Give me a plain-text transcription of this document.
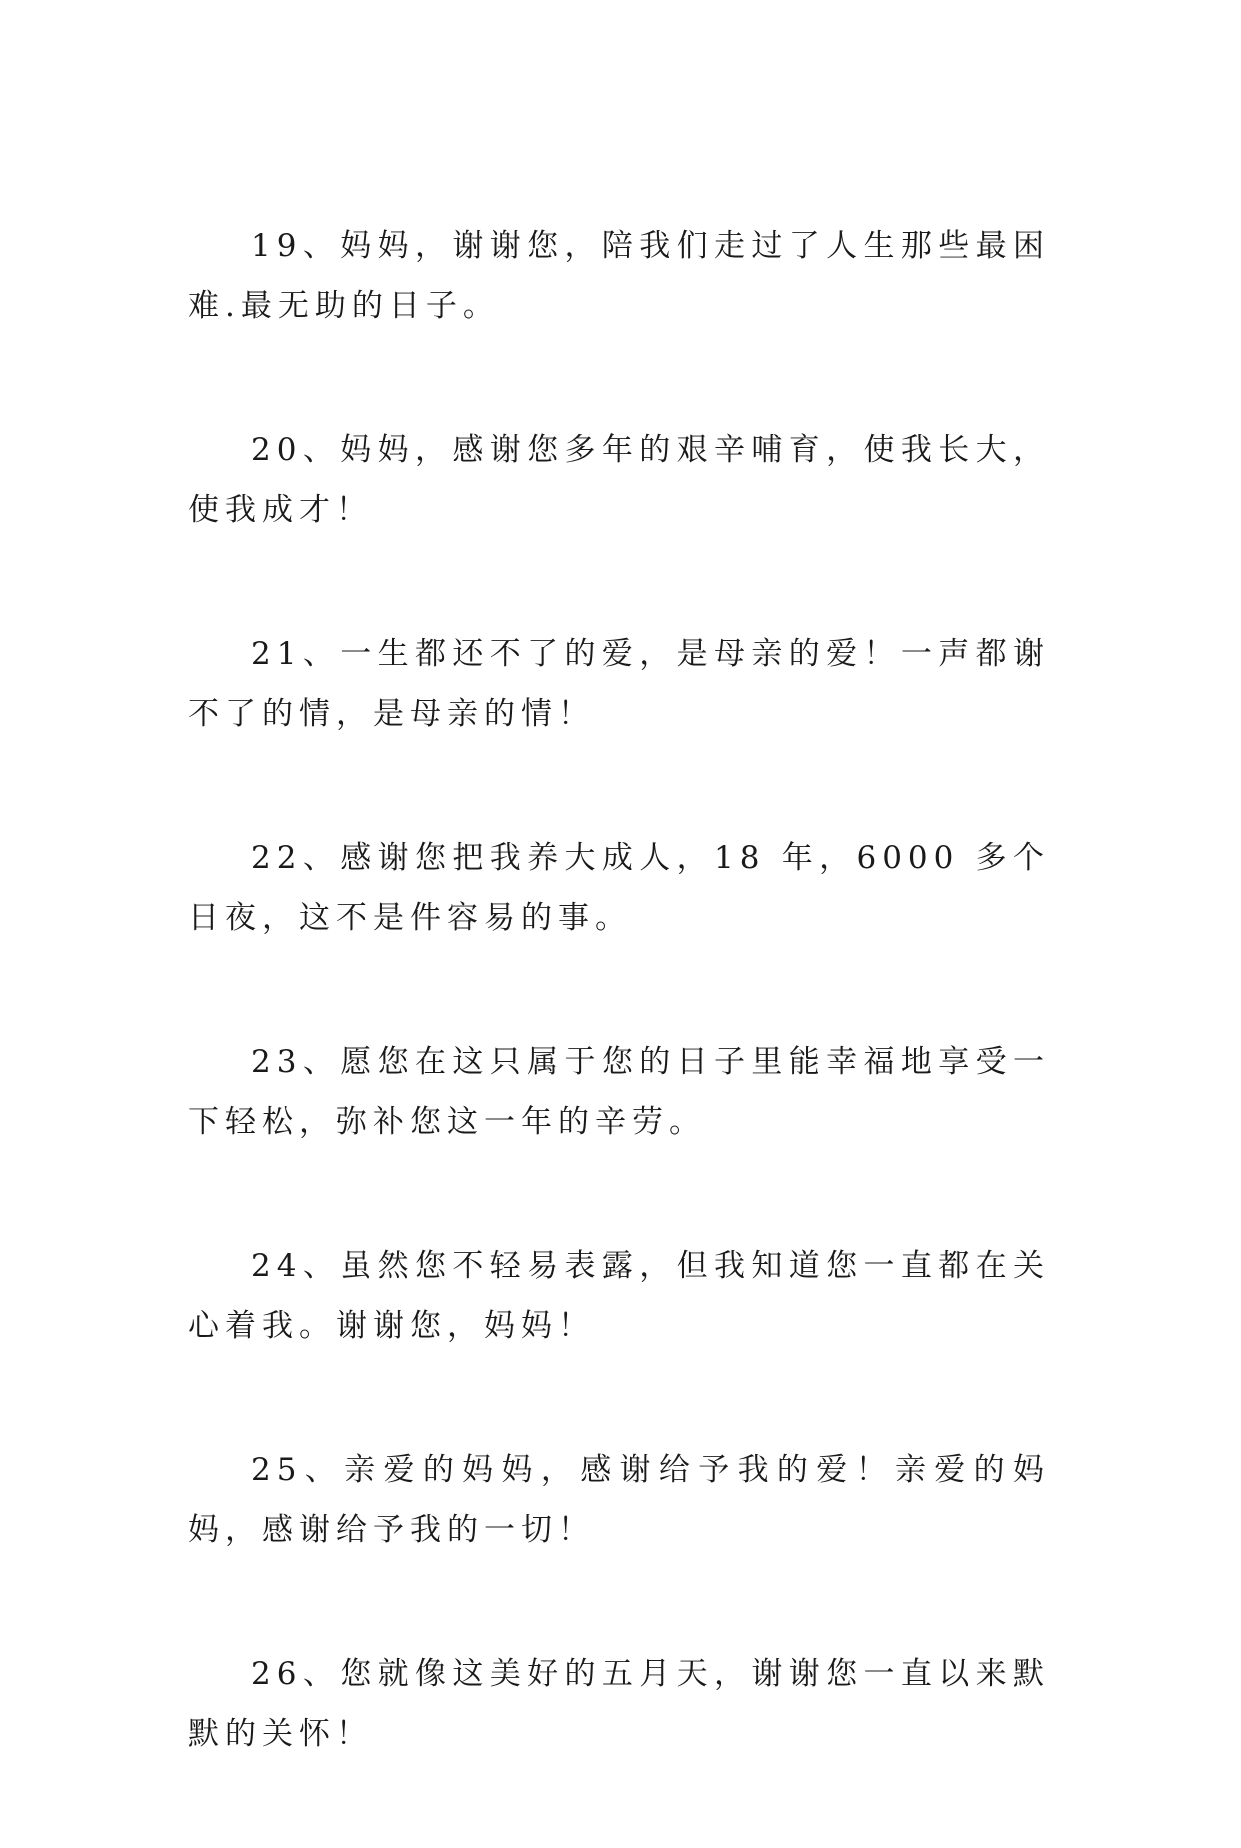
19、妈妈，谢谢您，陪我们走过了人生那些最困难.最无助的日子。

20、妈妈，感谢您多年的艰辛哺育，使我长大，使我成才！

21、一生都还不了的爱，是母亲的爱！一声都谢不了的情，是母亲的情！

22、感谢您把我养大成人，18 年，6000 多个日夜，这不是件容易的事。

23、愿您在这只属于您的日子里能幸福地享受一下轻松，弥补您这一年的辛劳。

24、虽然您不轻易表露，但我知道您一直都在关心着我。谢谢您，妈妈！

25、亲爱的妈妈，感谢给予我的爱！亲爱的妈妈，感谢给予我的一切！

26、您就像这美好的五月天，谢谢您一直以来默默的关怀！
